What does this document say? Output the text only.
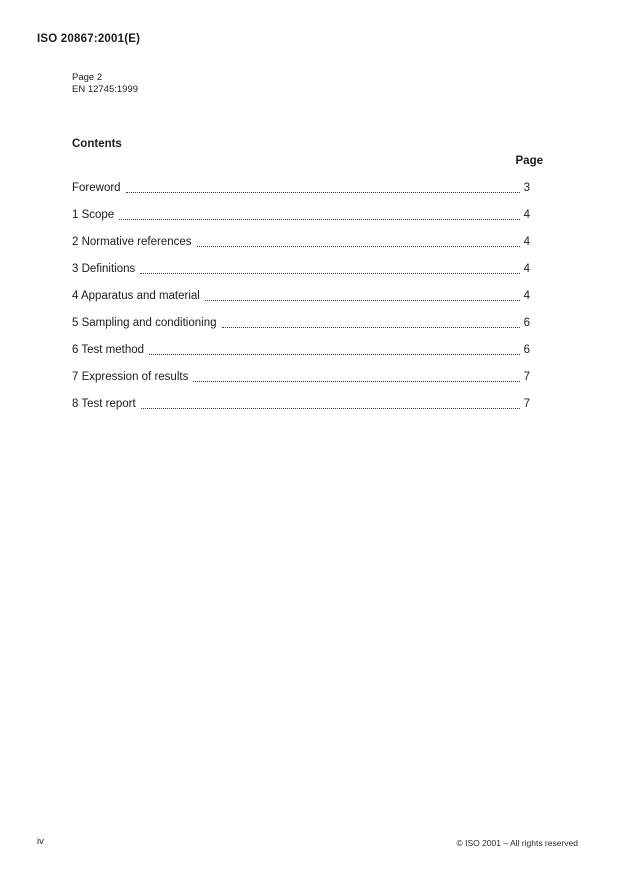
ISO 20867:2001(E)
Page 2
EN 12745:1999
Contents
Page
Foreword	3
1 Scope	4
2 Normative references	4
3 Definitions	4
4 Apparatus and material	4
5 Sampling and conditioning	6
6 Test method	6
7 Expression of results	7
8 Test report	7
iv	© ISO 2001 – All rights reserved
